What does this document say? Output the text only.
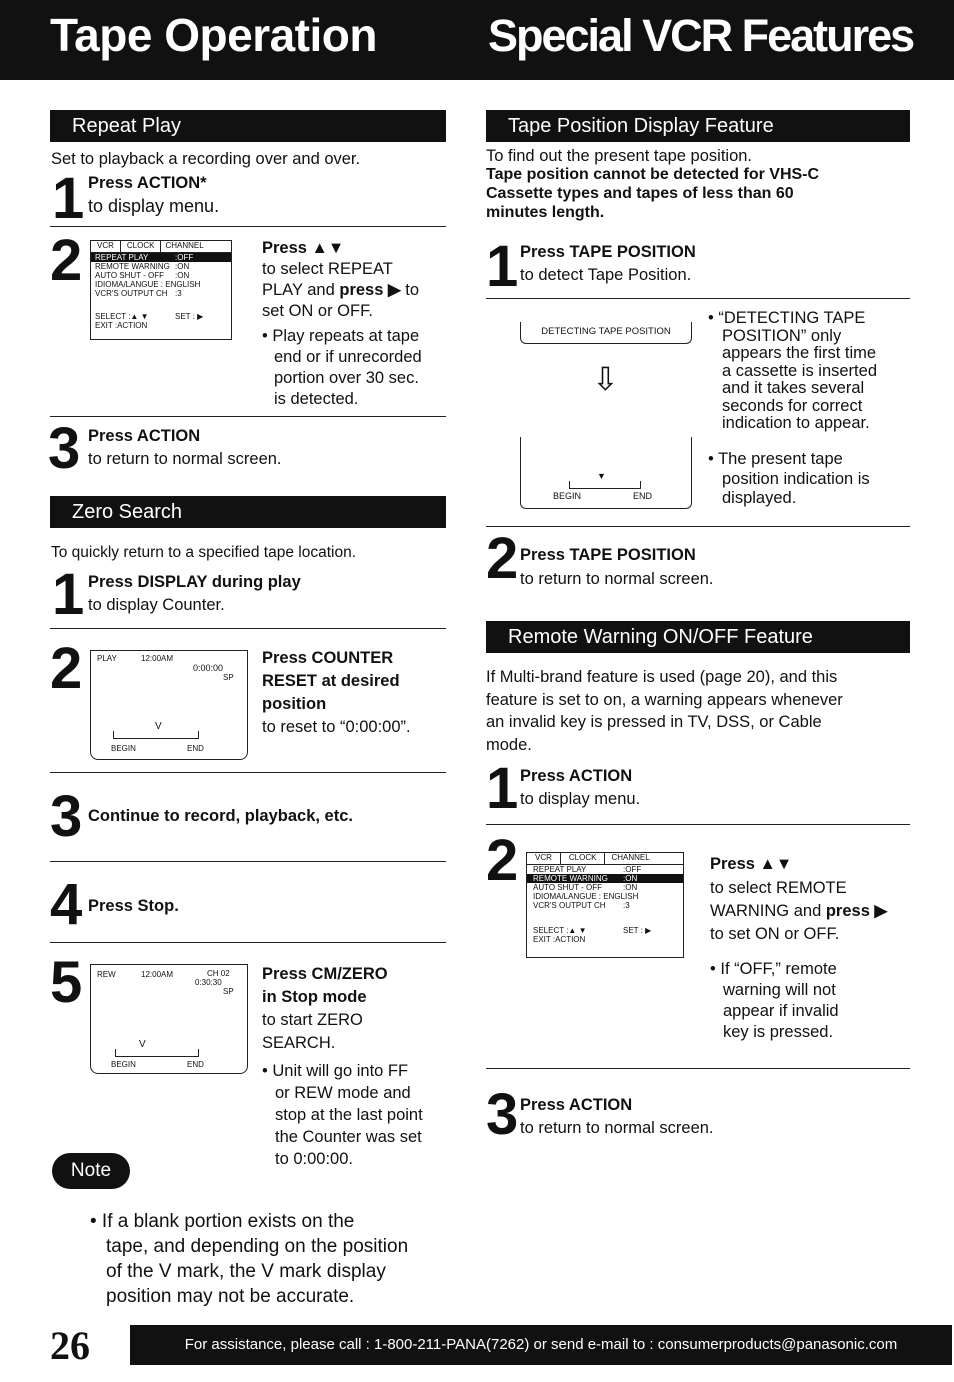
Tape Operation Special VCR Features
Repeat Play
Set to playback a recording over and over.
1 Press ACTION*
to display menu.
2	VCR	CLOCK	CHANNEL
REPEAT PLAY	:OFF
REMOTE WARNING :ON
AUTO SHUT - OFF	:ON
IDIOMA/LANGUE : ENGLISH
VCR'S OUTPUT CH :3
SELECT :▲ ▼	SET : ▶
EXIT :ACTION
Press ▲▼
to select REPEAT
PLAY and press ▶ to
set ON or OFF.
• Play repeats at tape
end or if unrecorded
portion over 30 sec.
is detected.
3 Press ACTION
to return to normal screen.
Zero Search
To quickly return to a specified tape location.
1 Press DISPLAY during play
to display Counter.
2 PLAY	12:00AM
0:00:00
SP
V
BEGIN	END
Press COUNTER
RESET at desired
position
to reset to “0:00:00”.
3 Continue to record, playback, etc.
4 Press Stop.
5 REW	12:00AM	CH 02
0:30:30
SP
V
BEGIN	END
Press CM/ZERO
in Stop mode
to start ZERO
SEARCH.
• Unit will go into FF
or REW mode and
stop at the last point
the Counter was set
to 0:00:00.
Note
• If a blank portion exists on the
tape, and depending on the position
of the V mark, the V mark display
position may not be accurate.
Tape Position Display Feature
To find out the present tape position.
Tape position cannot be detected for VHS-C
Cassette types and tapes of less than 60
minutes length.
1 Press TAPE POSITION
to detect Tape Position.
DETECTING TAPE POSITION
⇩
▼
BEGIN	END
• “DETECTING TAPE
POSITION” only
appears the first time
a cassette is inserted
and it takes several
seconds for correct
indication to appear.
• The present tape
position indication is
displayed.
2 Press TAPE POSITION
to return to normal screen.
Remote Warning ON/OFF Feature
If Multi-brand feature is used (page 20), and this
feature is set to on, a warning appears whenever
an invalid key is pressed in TV, DSS, or Cable
mode.
1 Press ACTION
to display menu.
2	VCR	CLOCK	CHANNEL
REPEAT PLAY	:OFF
REMOTE WARNING	:ON
AUTO SHUT - OFF	:ON
IDIOMA/LANGUE : ENGLISH
VCR'S OUTPUT CH	:3
SELECT :▲ ▼	SET : ▶
EXIT :ACTION
Press ▲▼
to select REMOTE
WARNING and press ▶
to set ON or OFF.
• If “OFF,” remote
warning will not
appear if invalid
key is pressed.
3 Press ACTION
to return to normal screen.
26	For assistance, please call : 1-800-211-PANA(7262) or send e-mail to : consumerproducts@panasonic.com
